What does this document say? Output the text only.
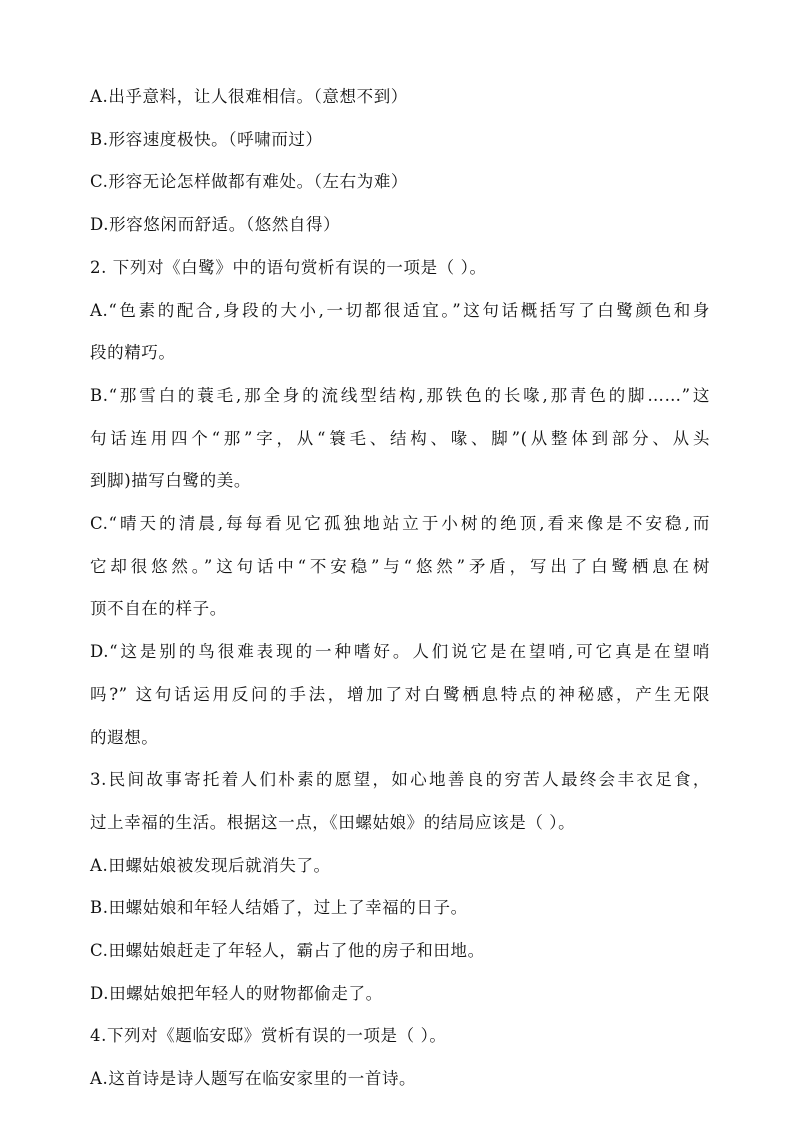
A.出乎意料，让人很难相信。（意想不到）

B.形容速度极快。（呼啸而过）

C.形容无论怎样做都有难处。（左右为难）

D.形容悠闲而舒适。（悠然自得）

2. 下列对《白鹭》中的语句赏析有误的一项是（ ）。

A.“色素的配合,身段的大小,一切都很适宜。”这句话概括写了白鹭颜色和身

段的精巧。

B.“那雪白的蓑毛,那全身的流线型结构,那铁色的长喙,那青色的脚……”这

句话连用四个“那”字，从“簑毛、结构、喙、脚”(从整体到部分、从头

到脚)描写白鹭的美。

C.“晴天的清晨,每每看见它孤独地站立于小树的绝顶,看来像是不安稳,而

它却很悠然。”这句话中“不安稳”与“悠然”矛盾，写出了白鹭栖息在树

顶不自在的样子。

D.“这是别的鸟很难表现的一种嗜好。人们说它是在望哨,可它真是在望哨

吗?” 这句话运用反问的手法，增加了对白鹭栖息特点的神秘感，产生无限

的遐想。

3.民间故事寄托着人们朴素的愿望，如心地善良的穷苦人最终会丰衣足食，

过上幸福的生活。根据这一点，《田螺姑娘》的结局应该是（ ）。

A.田螺姑娘被发现后就消失了。

B.田螺姑娘和年轻人结婚了，过上了幸福的日子。

C.田螺姑娘赶走了年轻人，霸占了他的房子和田地。

D.田螺姑娘把年轻人的财物都偷走了。

4.下列对《题临安邸》赏析有误的一项是（ ）。

A.这首诗是诗人题写在临安家里的一首诗。
